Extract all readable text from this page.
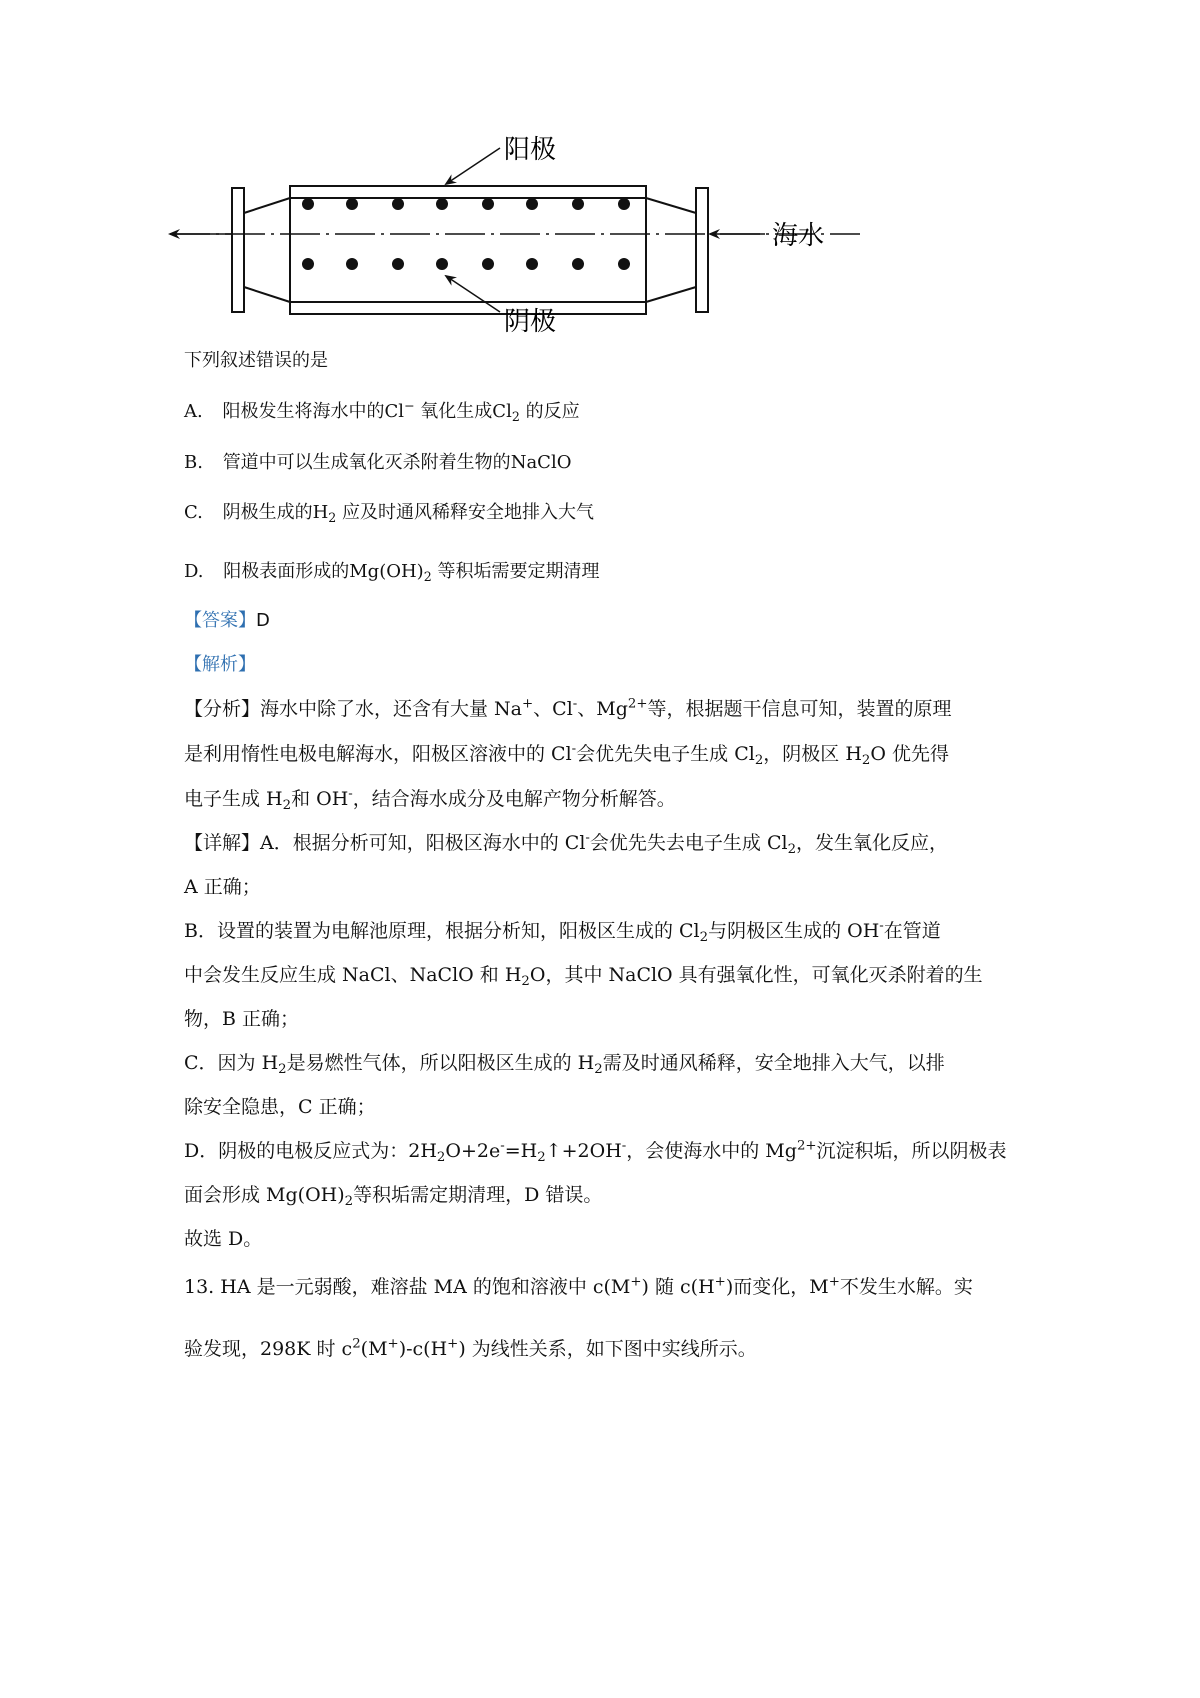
阳极
阴极
海水
下列叙述错误的是
A. 阳极发生将海水中的Cl− 氧化生成$Cl_2$ 的反应
B. 管道中可以生成氧化灭杀附着生物的NaClO
C. 阴极生成的$H_2$ 应及时通风稀释安全地排入大气
D. 阳极表面形成的$Mg(OH)_2$ 等积垢需要定期清理
【答案】D
【解析】
【分析】海水中除了水，还含有大量 Na+、Cl-、$Mg^{2+}$等，根据题干信息可知，装置的原理
是利用惰性电极电解海水，阳极区溶液中的 Cl-会优先失电子生成 $Cl_2$，阴极区 $H_2O$ 优先得
电子生成 $H_2$和 OH-，结合海水成分及电解产物分析解答。
【详解】A．根据分析可知，阳极区海水中的 Cl-会优先失去电子生成 $Cl_2$，发生氧化反应，
A 正确；
B．设置的装置为电解池原理，根据分析知，阳极区生成的 $Cl_2$与阴极区生成的 OH-在管道
中会发生反应生成 NaCl、NaClO 和 $H_2O$，其中 NaClO 具有强氧化性，可氧化灭杀附着的生
物，B 正确；
C．因为 $H_2$是易燃性气体，所以阳极区生成的 $H_2$需及时通风稀释，安全地排入大气，以排
除安全隐患，C 正确；
D．阴极的电极反应式为：$2H_2O+2e^-=H_2↑+2OH^-$，会使海水中的 $Mg^{2+}$沉淀积垢，所以阴极表
面会形成 $Mg(OH)_2$等积垢需定期清理，D 错误。
故选 D。
13. HA 是一元弱酸，难溶盐 MA 的饱和溶液中 c(M+) 随 c(H+)而变化，M+不发生水解。实
验发现，298K 时 $c^2(M^+)-c(H^+)$ 为线性关系，如下图中实线所示。
